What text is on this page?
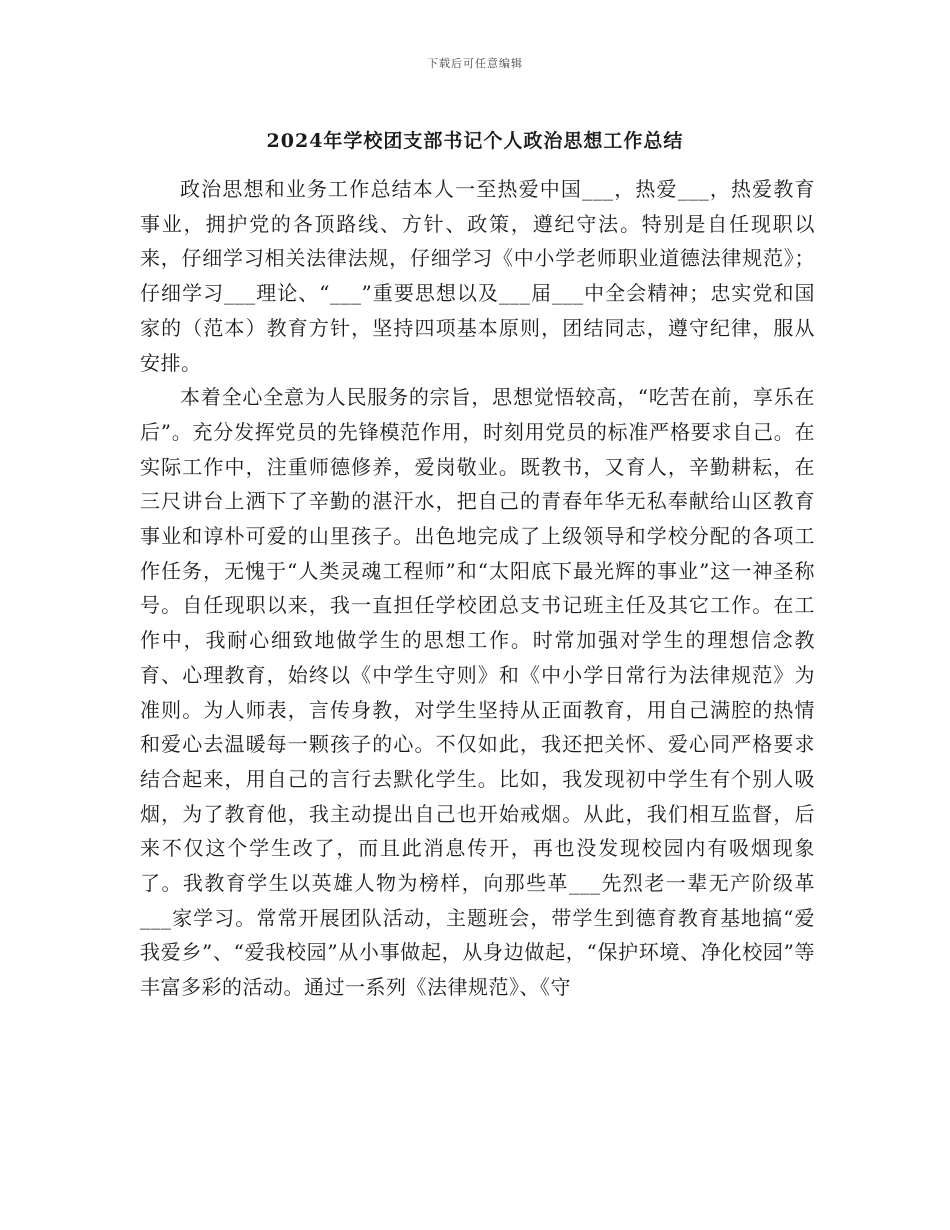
下载后可任意编辑
2024年学校团支部书记个人政治思想工作总结

政治思想和业务工作总结本人一至热爱中国___，热爱___，热爱教育事业，拥护党的各顶路线、方针、政策，遵纪守法。特别是自任现职以来，仔细学习相关法律法规，仔细学习《中小学老师职业道德法律规范》；仔细学习___理论、“___”重要思想以及___届___中全会精神；忠实党和国家的（范本）教育方针，坚持四项基本原则，团结同志，遵守纪律，服从安排。

本着全心全意为人民服务的宗旨，思想觉悟较高，“吃苦在前，享乐在后”。充分发挥党员的先锋模范作用，时刻用党员的标准严格要求自己。在实际工作中，注重师德修养，爱岗敬业。既教书，又育人，辛勤耕耘，在三尺讲台上洒下了辛勤的湛汗水，把自己的青春年华无私奉献给山区教育事业和谆朴可爱的山里孩子。出色地完成了上级领导和学校分配的各项工作任务，无愧于“人类灵魂工程师”和“太阳底下最光辉的事业”这一神圣称号。自任现职以来，我一直担任学校团总支书记班主任及其它工作。在工作中，我耐心细致地做学生的思想工作。时常加强对学生的理想信念教育、心理教育，始终以《中学生守则》和《中小学日常行为法律规范》为准则。为人师表，言传身教，对学生坚持从正面教育，用自己满腔的热情和爱心去温暖每一颗孩子的心。不仅如此，我还把关怀、爱心同严格要求结合起来，用自己的言行去默化学生。比如，我发现初中学生有个别人吸烟，为了教育他，我主动提出自己也开始戒烟。从此，我们相互监督，后来不仅这个学生改了，而且此消息传开，再也没发现校园内有吸烟现象了。我教育学生以英雄人物为榜样，向那些革___先烈老一辈无产阶级革___家学习。常常开展团队活动，主题班会，带学生到德育教育基地搞“爱我爱乡”、“爱我校园”从小事做起，从身边做起，“保护环境、净化校园”等丰富多彩的活动。通过一系列《法律规范》、《守
